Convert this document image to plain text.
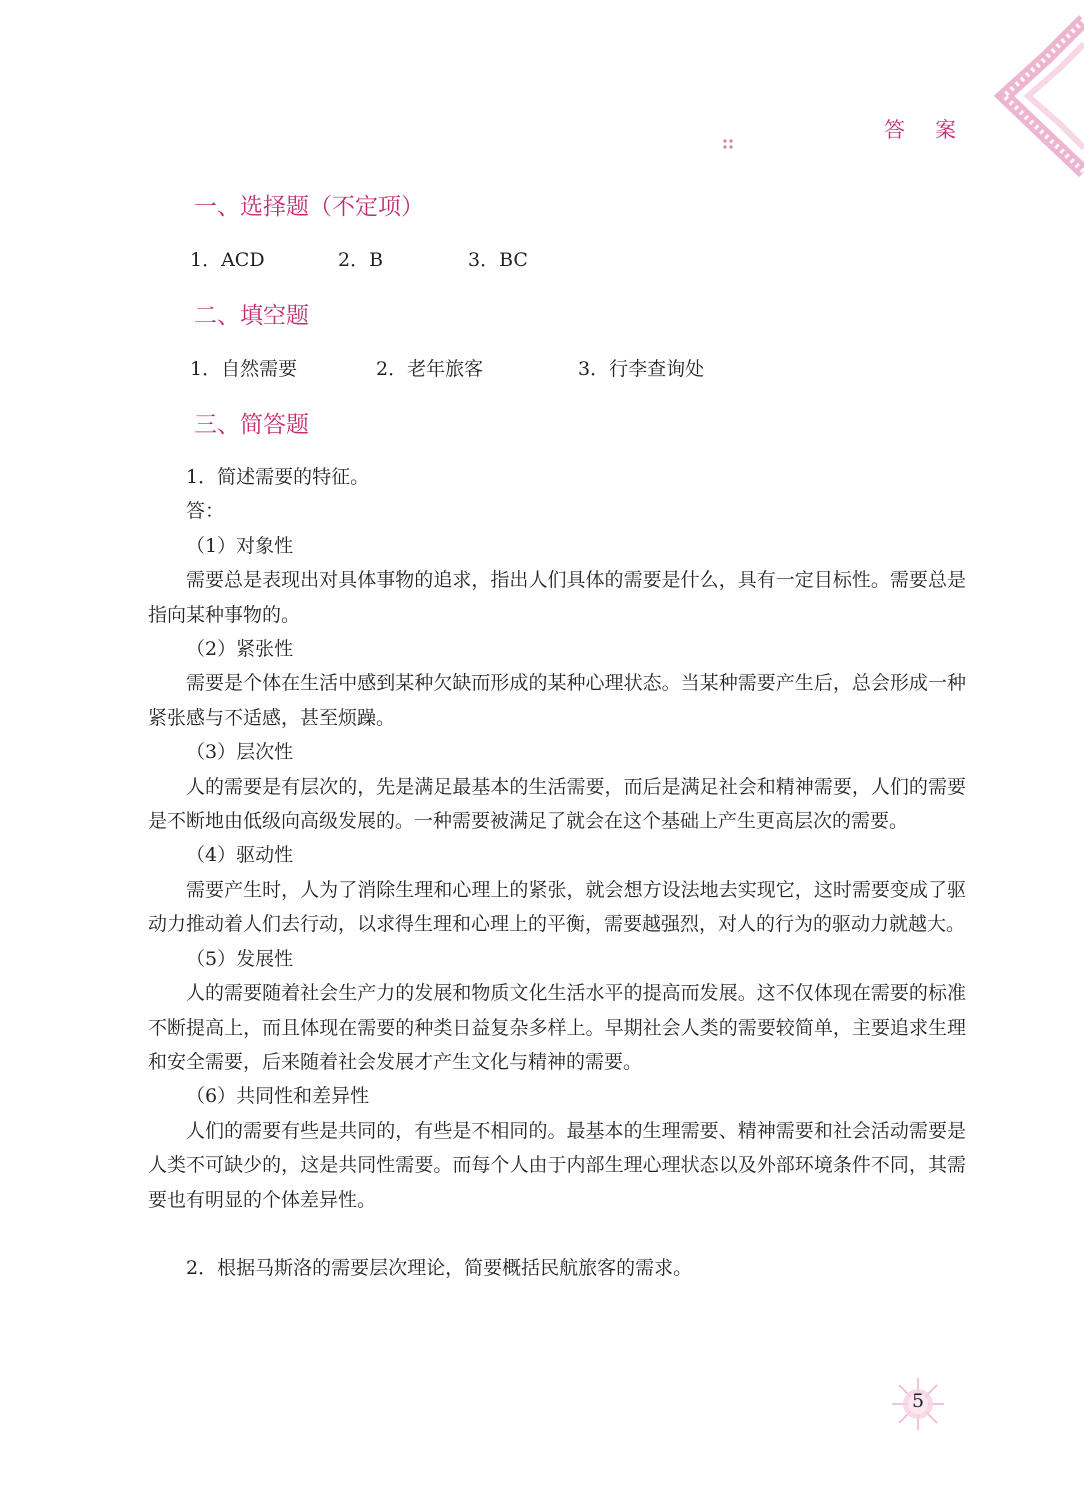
答案
一、选择题（不定项）
1．ACD	2．B	3．BC
二、填空题
1．自然需要	2．老年旅客	3．行李查询处
三、简答题

1．简述需要的特征。

答：

（1）对象性

需要总是表现出对具体事物的追求，指出人们具体的需要是什么，具有一定目标性。需要总是指向某种事物的。

（2）紧张性

需要是个体在生活中感到某种欠缺而形成的某种心理状态。当某种需要产生后，总会形成一种紧张感与不适感，甚至烦躁。

（3）层次性

人的需要是有层次的，先是满足最基本的生活需要，而后是满足社会和精神需要，人们的需要是不断地由低级向高级发展的。一种需要被满足了就会在这个基础上产生更高层次的需要。

（4）驱动性

需要产生时，人为了消除生理和心理上的紧张，就会想方设法地去实现它，这时需要变成了驱动力推动着人们去行动，以求得生理和心理上的平衡，需要越强烈，对人的行为的驱动力就越大。

（5）发展性

人的需要随着社会生产力的发展和物质文化生活水平的提高而发展。这不仅体现在需要的标准不断提高上，而且体现在需要的种类日益复杂多样上。早期社会人类的需要较简单，主要追求生理和安全需要，后来随着社会发展才产生文化与精神的需要。

（6）共同性和差异性

人们的需要有些是共同的，有些是不相同的。最基本的生理需要、精神需要和社会活动需要是人类不可缺少的，这是共同性需要。而每个人由于内部生理心理状态以及外部环境条件不同，其需要也有明显的个体差异性。

2．根据马斯洛的需要层次理论，简要概括民航旅客的需求。

5
